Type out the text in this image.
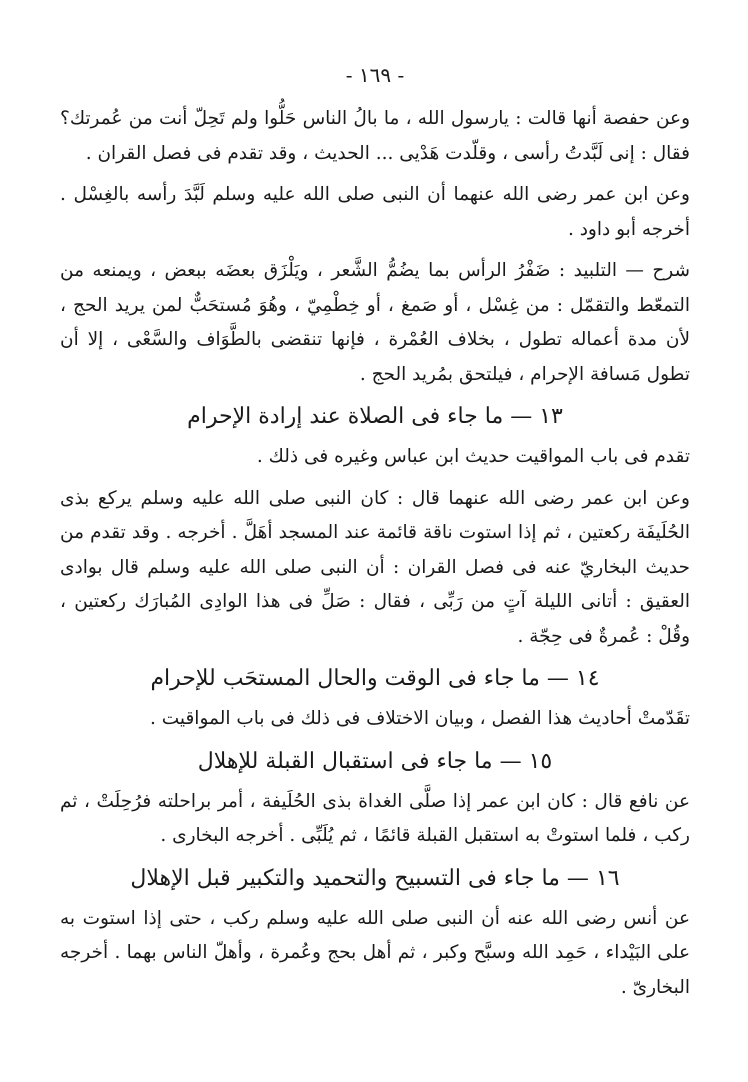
- ١٦٩ -

وعن حفصة أنها قالت : يارسول الله ، ما بالُ الناس حَلُّوا ولم تَحِلّ أنت من عُمرتك؟ فقال : إنى لَبَّدتُ رأسى ، وقلّدت هَدْيى ... الحديث ، وقد تقدم فى فصل القران .

وعن ابن عمر رضى الله عنهما أن النبى صلى الله عليه وسلم لَبَّدَ رأسه بالغِسْل . أخرجه أبو داود .

شرح — التلبيد : ضَفْرُ الرأس بما يضُمُّ الشَّعر ، ويَلْزَق بعضَه ببعض ، ويمنعه من التمعّط والتقمّل : من غِسْل ، أو صَمغ ، أو خِطْمِيّ ، وهُوَ مُستحَبٌّ لمن يريد الحج ، لأن مدة أعماله تطول ، بخلاف العُمْرة ، فإنها تنقضى بالطَّوَاف والسَّعْى ، إلا أن تطول مَسافة الإحرام ، فيلتحق بمُريد الحج .

١٣ — ما جاء فى الصلاة عند إرادة الإحرام

تقدم فى باب المواقيت حديث ابن عباس وغيره فى ذلك .

وعن ابن عمر رضى الله عنهما قال : كان النبى صلى الله عليه وسلم يركع بذى الحُلَيفَة ركعتين ، ثم إذا استوت ناقة قائمة عند المسجد أهَلَّ . أخرجه . وقد تقدم من حديث البخاريّ عنه فى فصل القران : أن النبى صلى الله عليه وسلم قال بوادى العقيق : أتانى الليلة آتٍ من رَبِّى ، فقال : صَلِّ فى هذا الوادِى المُبارَك ركعتين ، وقُلْ : عُمرةٌ فى حِجّة .

١٤ — ما جاء فى الوقت والحال المستحَب للإحرام

تقَدّمتْ أحاديث هذا الفصل ، وبيان الاختلاف فى ذلك فى باب المواقيت .

١٥ — ما جاء فى استقبال القبلة للإهلال

عن نافع قال : كان ابن عمر إذا صلَّى الغداة بذى الحُلَيفة ، أمر براحلته فرُحِلَتْ ، ثم ركب ، فلما استوتْ به استقبل القبلة قائمًا ، ثم يُلَبِّى . أخرجه البخارى .

١٦ — ما جاء فى التسبيح والتحميد والتكبير قبل الإهلال

عن أنس رضى الله عنه أن النبى صلى الله عليه وسلم ركب ، حتى إذا استوت به على البَيْداء ، حَمِد الله وسبَّح وكبر ، ثم أهل بحج وعُمرة ، وأهلّ الناس بهما . أخرجه البخارىّ .
